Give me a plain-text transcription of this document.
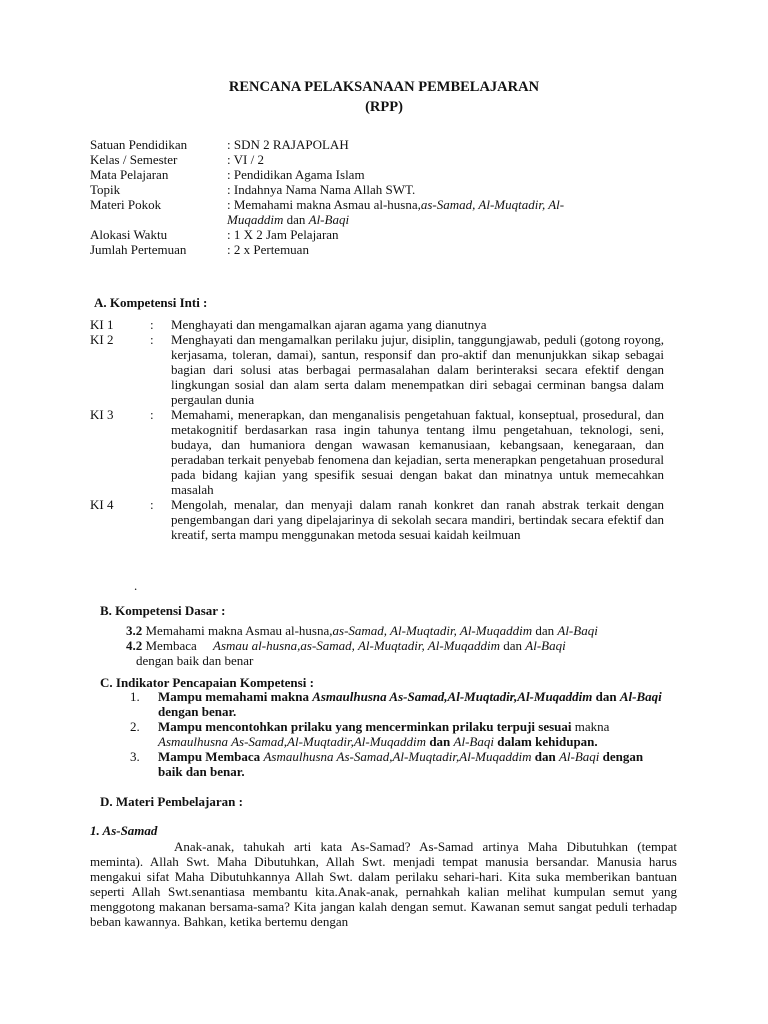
RENCANA PELAKSANAAN PEMBELAJARAN
(RPP)
Satuan Pendidikan	: SDN 2 RAJAPOLAH
Kelas / Semester	: VI / 2
Mata Pelajaran	: Pendidikan Agama Islam
Topik	: Indahnya Nama Nama Allah SWT.
Materi Pokok	: Memahami makna Asmau al-husna,as-Samad, Al-Muqtadir, Al-
Muqaddim dan Al-Baqi
Alokasi Waktu	: 1 X 2 Jam Pelajaran
Jumlah Pertemuan	: 2 x Pertemuan
A. Kompetensi Inti :
KI 1	:	Menghayati dan mengamalkan ajaran agama yang dianutnya
KI 2	:	Menghayati dan mengamalkan perilaku jujur, disiplin, tanggungjawab, peduli (gotong royong, kerjasama, toleran, damai), santun, responsif dan pro-aktif dan menunjukkan sikap sebagai bagian dari solusi atas berbagai permasalahan dalam berinteraksi secara efektif dengan lingkungan sosial dan alam serta dalam menempatkan diri sebagai cerminan bangsa dalam pergaulan dunia
KI 3	:	Memahami, menerapkan, dan menganalisis pengetahuan faktual, konseptual, prosedural, dan metakognitif berdasarkan rasa ingin tahunya tentang ilmu pengetahuan, teknologi, seni, budaya, dan humaniora dengan wawasan kemanusiaan, kebangsaan, kenegaraan, dan peradaban terkait penyebab fenomena dan kejadian, serta menerapkan pengetahuan prosedural pada bidang kajian yang spesifik sesuai dengan bakat dan minatnya untuk memecahkan masalah
KI 4	:	Mengolah, menalar, dan menyaji dalam ranah konkret dan ranah abstrak terkait dengan pengembangan dari yang dipelajarinya di sekolah secara mandiri, bertindak secara efektif dan kreatif, serta mampu menggunakan metoda sesuai kaidah keilmuan
.
B. Kompetensi Dasar :
3.2 Memahami makna Asmau al-husna,as-Samad, Al-Muqtadir, Al-Muqaddim dan Al-Baqi
4.2 Membaca     Asmau al-husna,as-Samad, Al-Muqtadir, Al-Muqaddim dan Al-Baqi
dengan baik dan benar
C. Indikator Pencapaian Kompetensi :
1.	Mampu memahami makna Asmaulhusna As-Samad,Al-Muqtadir,Al-Muqaddim dan Al-Baqi dengan benar.
2.	Mampu mencontohkan prilaku yang mencerminkan prilaku terpuji sesuai makna
Asmaulhusna As-Samad,Al-Muqtadir,Al-Muqaddim dan Al-Baqi dalam kehidupan.
3.	Mampu Membaca Asmaulhusna As-Samad,Al-Muqtadir,Al-Muqaddim dan Al-Baqi dengan baik dan benar.
D. Materi Pembelajaran :
1. As-Samad
Anak-anak, tahukah arti kata As-Samad? As-Samad artinya Maha Dibutuhkan (tempat meminta). Allah Swt. Maha Dibutuhkan, Allah Swt. menjadi tempat manusia bersandar. Manusia harus mengakui sifat Maha Dibutuhkannya Allah Swt. dalam perilaku sehari-hari. Kita suka memberikan bantuan seperti Allah Swt.senantiasa membantu kita.Anak-anak, pernahkah kalian melihat kumpulan semut yang menggotong makanan bersama-sama? Kita jangan kalah dengan semut. Kawanan semut sangat peduli terhadap beban kawannya. Bahkan, ketika bertemu dengan
